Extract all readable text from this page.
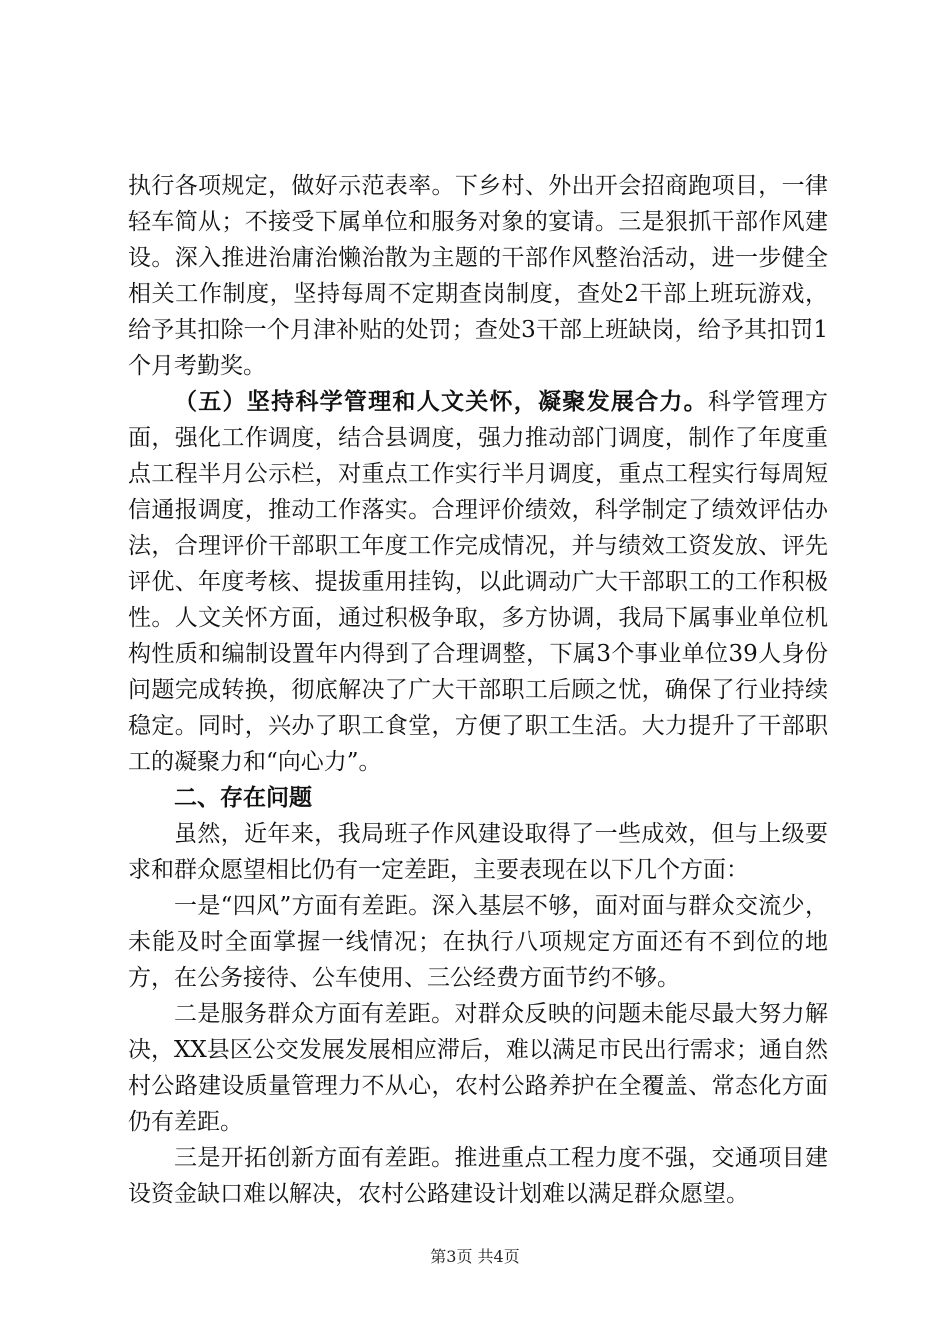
执行各项规定，做好示范表率。下乡村、外出开会招商跑项目，一律轻车简从；不接受下属单位和服务对象的宴请。三是狠抓干部作风建设。深入推进治庸治懒治散为主题的干部作风整治活动，进一步健全相关工作制度，坚持每周不定期查岗制度，查处2干部上班玩游戏，给予其扣除一个月津补贴的处罚；查处3干部上班缺岗，给予其扣罚1个月考勤奖。

（五）坚持科学管理和人文关怀，凝聚发展合力。科学管理方面，强化工作调度，结合县调度，强力推动部门调度，制作了年度重点工程半月公示栏，对重点工作实行半月调度，重点工程实行每周短信通报调度，推动工作落实。合理评价绩效，科学制定了绩效评估办法，合理评价干部职工年度工作完成情况，并与绩效工资发放、评先评优、年度考核、提拔重用挂钩，以此调动广大干部职工的工作积极性。人文关怀方面，通过积极争取，多方协调，我局下属事业单位机构性质和编制设置年内得到了合理调整，下属3个事业单位39人身份问题完成转换，彻底解决了广大干部职工后顾之忧，确保了行业持续稳定。同时，兴办了职工食堂，方便了职工生活。大力提升了干部职工的凝聚力和“向心力”。

二、存在问题

虽然，近年来，我局班子作风建设取得了一些成效，但与上级要求和群众愿望相比仍有一定差距，主要表现在以下几个方面：

一是“四风”方面有差距。深入基层不够，面对面与群众交流少，未能及时全面掌握一线情况；在执行八项规定方面还有不到位的地方，在公务接待、公车使用、三公经费方面节约不够。

二是服务群众方面有差距。对群众反映的问题未能尽最大努力解决，XX县区公交发展发展相应滞后，难以满足市民出行需求；通自然村公路建设质量管理力不从心，农村公路养护在全覆盖、常态化方面仍有差距。

三是开拓创新方面有差距。推进重点工程力度不强，交通项目建设资金缺口难以解决，农村公路建设计划难以满足群众愿望。

第3页 共4页
